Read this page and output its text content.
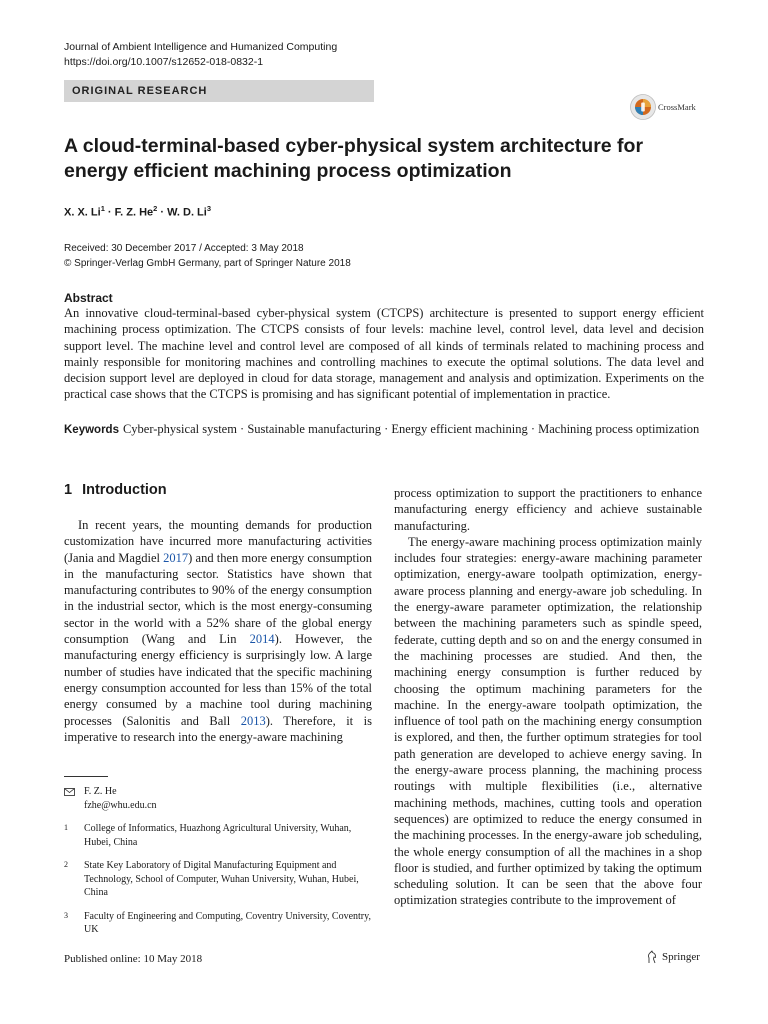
Journal of Ambient Intelligence and Humanized Computing
https://doi.org/10.1007/s12652-018-0832-1
ORIGINAL RESEARCH
CrossMark
A cloud-terminal-based cyber-physical system architecture for energy efficient machining process optimization
X. X. $Li^1 \cdot F$. Z. $He^2 \cdot W$. D. Li$^3$
Received: 30 December 2017 / Accepted: 3 May 2018
© Springer-Verlag GmbH Germany, part of Springer Nature 2018
Abstract

An innovative cloud-terminal-based cyber-physical system (CTCPS) architecture is presented to support energy efficient machining process optimization. The CTCPS consists of four levels: machine level, control level, data level and decision support level. The machine level and control level are composed of all kinds of terminals related to machining process and mainly responsible for monitoring machines and controlling machines to execute the optimal solutions. The data level and decision support level are deployed in cloud for data storage, management and analysis and optimization. Experiments on the practical case shows that the CTCPS is promising and has significant potential of implementation in practice.

Keywords Cyber-physical system · Sustainable manufacturing · Energy efficient machining · Machining process optimization

1 Introduction

In recent years, the mounting demands for production customization have incurred more manufacturing activities (Jania and Magdiel 2017) and then more energy consumption in the manufacturing sector. Statistics have shown that manufacturing contributes to 90% of the energy consumption in the industrial sector, which is the most energy-consuming sector in the world with a 52% share of the global energy consumption (Wang and Lin 2014). However, the manufacturing energy efficiency is surprisingly low. A large number of studies have indicated that the specific machining energy consumption accounted for less than 15% of the total energy consumed by a machine tool during machining processes (Salonitis and Ball 2013). Therefore, it is imperative to research into the energy-aware machining

process optimization to support the practitioners to enhance manufacturing energy efficiency and achieve sustainable manufacturing.

The energy-aware machining process optimization mainly includes four strategies: energy-aware machining parameter optimization, energy-aware toolpath optimization, energy-aware process planning and energy-aware job scheduling. In the energy-aware parameter optimization, the relationship between the machining parameters such as spindle speed, federate, cutting depth and so on and the energy consumed in the machining processes are studied. And then, the machining energy consumption is further reduced by choosing the optimum machining parameters for the machine. In the energy-aware toolpath optimization, the influence of tool path on the machining energy consumption is explored, and then, the further optimum strategies for tool path generation are developed to achieve energy saving. In the energy-aware process planning, the machining process routings with multiple flexibilities (i.e., alternative machining methods, machines, cutting tools and operation sequences) are optimized to reduce the energy consumed in the machining processes. In the energy-aware job scheduling, the whole energy consumption of all the machines in a shop floor is studied, and further optimized by taking the optimum scheduling solution. It can be seen that the above four optimization strategies contribute to the improvement of

F. Z. He
fzhe@whu.edu.cn
1	College of Informatics, Huazhong Agricultural University, Wuhan, Hubei, China
2	State Key Laboratory of Digital Manufacturing Equipment and Technology, School of Computer, Wuhan University, Wuhan, Hubei, China
3	Faculty of Engineering and Computing, Coventry University, Coventry, UK
Published online: 10 May 2018	Springer
